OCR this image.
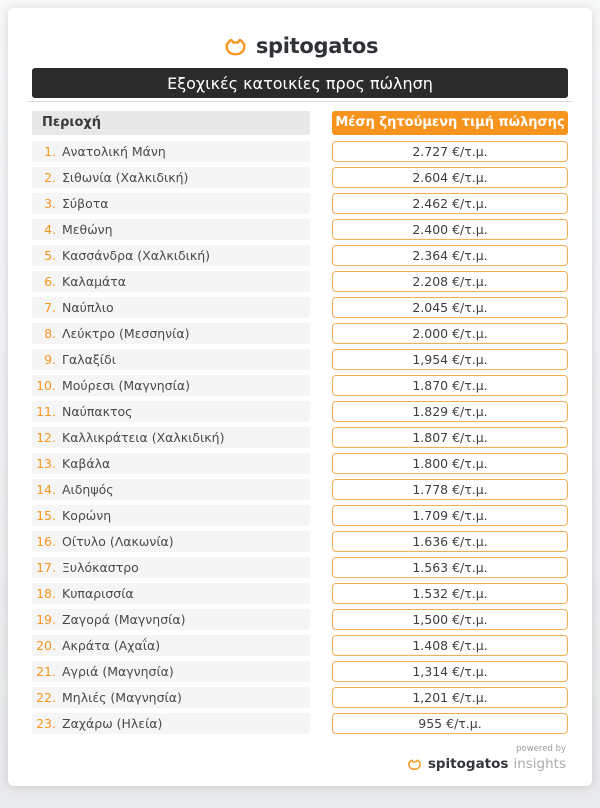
spitogatos
Εξοχικές κατοικίες προς πώληση
Περιοχή	Μέση ζητούμενη τιμή πώλησης
1. Ανατολική Μάνη	2.727 €/τ.μ.
2. Σιθωνία (Χαλκιδική)	2.604 €/τ.μ.
3. Σύβοτα	2.462 €/τ.μ.
4. Μεθώνη	2.400 €/τ.μ.
5. Κασσάνδρα (Χαλκιδική)	2.364 €/τ.μ.
6. Καλαμάτα	2.208 €/τ.μ.
7. Ναύπλιο	2.045 €/τ.μ.
8. Λεύκτρο (Μεσσηνία)	2.000 €/τ.μ.
9. Γαλαξίδι	1,954 €/τ.μ.
10. Μούρεσι (Μαγνησία)	1.870 €/τ.μ.
11. Ναύπακτος	1.829 €/τ.μ.
12. Καλλικράτεια (Χαλκιδική)	1.807 €/τ.μ.
13. Καβάλα	1.800 €/τ.μ.
14. Αιδηψός	1.778 €/τ.μ.
15. Κορώνη	1.709 €/τ.μ.
16. Οίτυλο (Λακωνία)	1.636 €/τ.μ.
17. Ξυλόκαστρο	1.563 €/τ.μ.
18. Κυπαρισσία	1.532 €/τ.μ.
19. Ζαγορά (Μαγνησία)	1,500 €/τ.μ.
20. Ακράτα (Αχαΐα)	1.408 €/τ.μ.
21. Αγριά (Μαγνησία)	1,314 €/τ.μ.
22. Μηλιές (Μαγνησία)	1,201 €/τ.μ.
23. Ζαχάρω (Ηλεία)	955 €/τ.μ.
powered by
spitogatos insights
